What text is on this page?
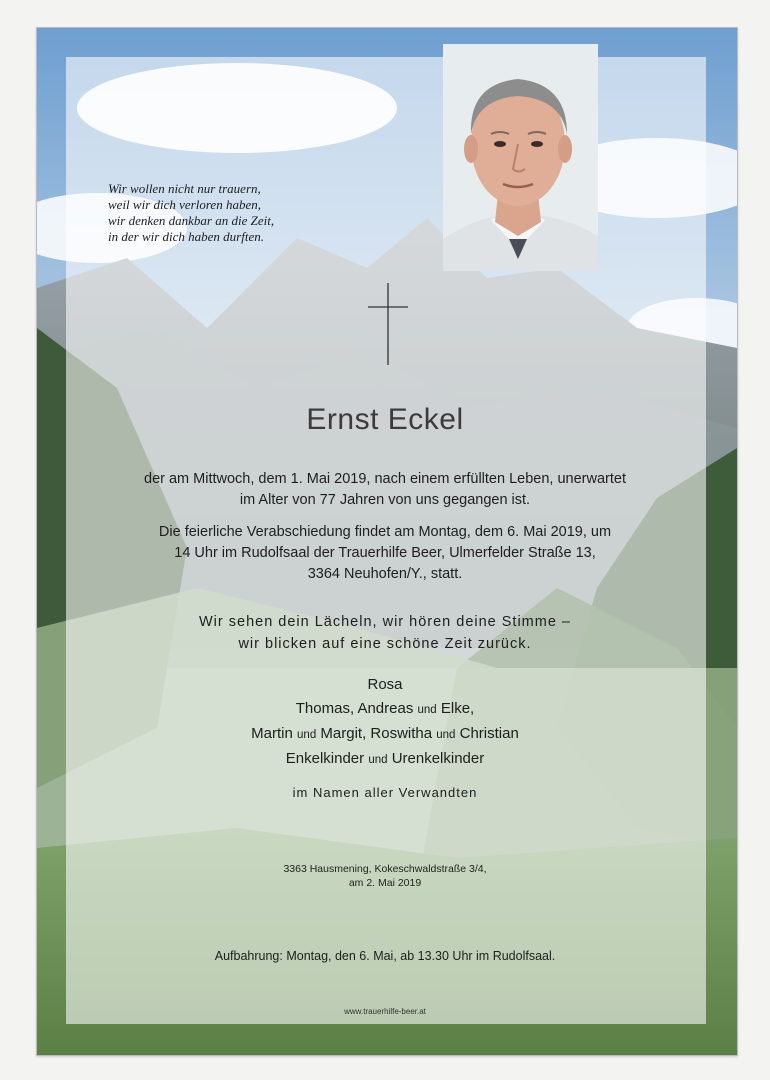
Wir wollen nicht nur trauern,
weil wir dich verloren haben,
wir denken dankbar an die Zeit,
in der wir dich haben durften.
Ernst Eckel
der am Mittwoch, dem 1. Mai 2019, nach einem erfüllten Leben, unerwartet
im Alter von 77 Jahren von uns gegangen ist.
Die feierliche Verabschiedung findet am Montag, dem 6. Mai 2019, um
14 Uhr im Rudolfsaal der Trauerhilfe Beer, Ulmerfelder Straße 13,
3364 Neuhofen/Y., statt.
Wir sehen dein Lächeln, wir hören deine Stimme –
wir blicken auf eine schöne Zeit zurück.
Rosa
Thomas, Andreas und Elke,
Martin und Margit, Roswitha und Christian
Enkelkinder und Urenkelkinder
im Namen aller Verwandten
3363 Hausmening, Kokeschwaldstraße 3/4,
am 2. Mai 2019
Aufbahrung: Montag, den 6. Mai, ab 13.30 Uhr im Rudolfsaal.
www.trauerhilfe-beer.at
